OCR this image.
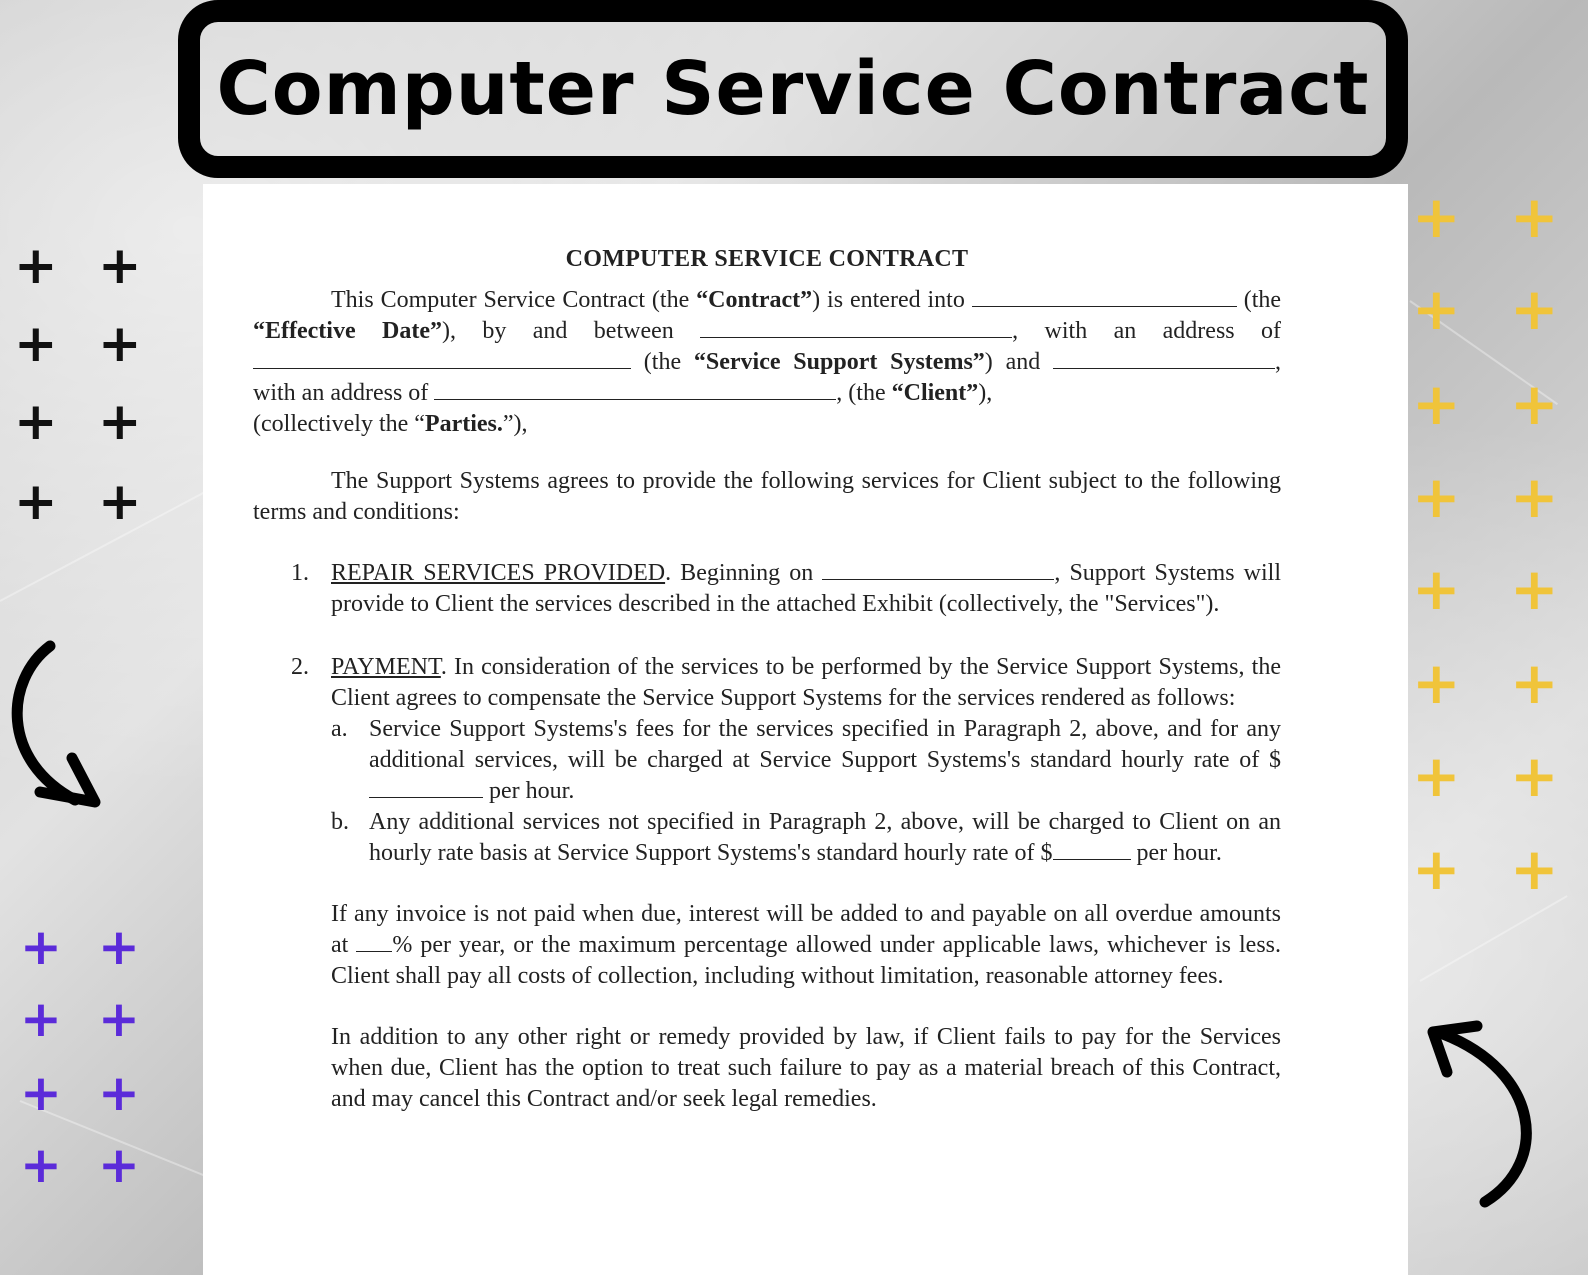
Computer Service Contract
COMPUTER SERVICE CONTRACT

This Computer Service Contract (the “Contract”) is entered into	(the “Effective Date”), by and between	, with an address of  (the “Service Support Systems”) and	, with an address of	, (the “Client”),
(collectively the “Parties.”),

The Support Systems agrees to provide the following services for Client subject to the following terms and conditions:

1. REPAIR SERVICES PROVIDED. Beginning on	, Support Systems will provide to Client the services described in the attached Exhibit (collectively, the "Services").
2. PAYMENT. In consideration of the services to be performed by the Service Support Systems, the Client agrees to compensate the Service Support Systems for the services rendered as follows:
a. Service Support Systems's fees for the services specified in Paragraph 2, above, and for any additional services, will be charged at Service Support Systems's standard hourly rate of $ per hour.
b. Any additional services not specified in Paragraph 2, above, will be charged to Client on an hourly rate basis at Service Support Systems's standard hourly rate of $	per hour.

If any invoice is not paid when due, interest will be added to and payable on all overdue amounts at % per year, or the maximum percentage allowed under applicable laws, whichever is less. Client shall pay all costs of collection, including without limitation, reasonable attorney fees.

In addition to any other right or remedy provided by law, if Client fails to pay for the Services when due, Client has the option to treat such failure to pay as a material breach of this Contract, and may cancel this Contract and/or seek legal remedies.

+ +
+ +
+ +
+ +
+ +
+ +
+ +
+ +
+ +
+ +
+ +
+ +
+ +
+ +
+ +
+ +
